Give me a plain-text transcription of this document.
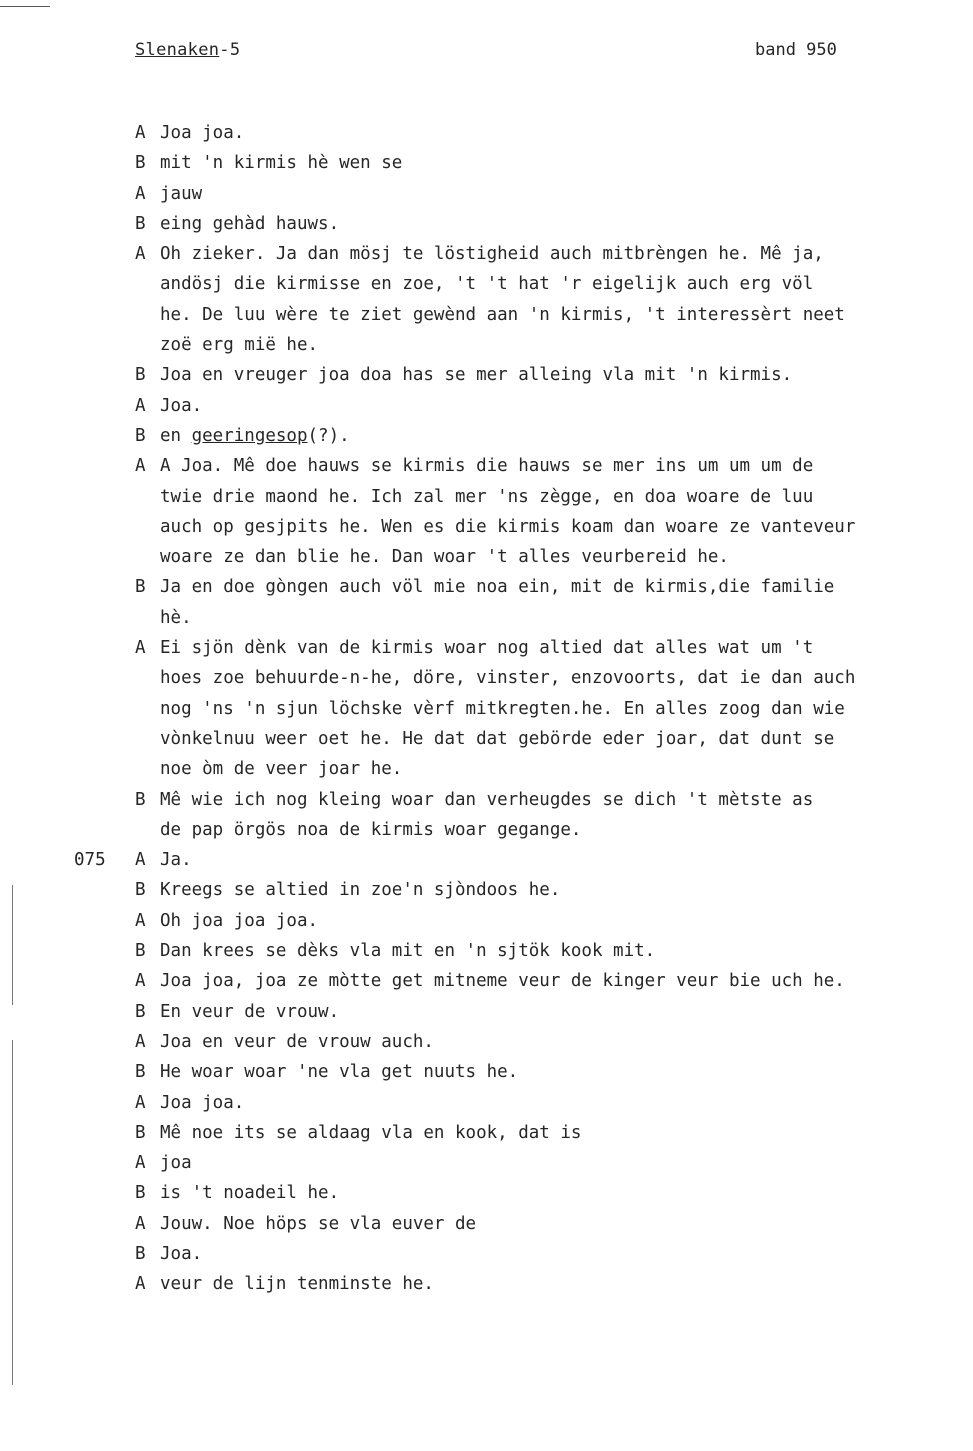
Slenaken-5	band 950

A

Joa joa.

B

mit 'n kirmis hè wen se

A

jauw

B

eing gehàd hauws.

A

Oh zieker. Ja dan mösj te löstigheid auch mitbrèngen he. Mê ja,

andösj die kirmisse en zoe, 't 't hat 'r eigelijk auch erg völ

he. De luu wère te ziet gewènd aan 'n kirmis, 't interessèrt neet

zoë erg mië he.

B

Joa en vreuger joa doa has se mer alleing vla mit 'n kirmis.

A

Joa.

B

en geeringesop(?).

A

A Joa. Mê doe hauws se kirmis die hauws se mer ins um um um de

twie drie maond he. Ich zal mer 'ns zègge, en doa woare de luu

auch op gesjpits he. Wen es die kirmis koam dan woare ze vanteveur

woare ze dan blie he. Dan woar 't alles veurbereid he.

B

Ja en doe gòngen auch völ mie noa ein, mit de kirmis,die familie

hè.

A

Ei sjön dènk van de kirmis woar nog altied dat alles wat um 't

hoes zoe behuurde-n-he, döre, vinster, enzovoorts, dat ie dan auch

nog 'ns 'n sjun löchske vèrf mitkregten.he. En alles zoog dan wie

vònkelnuu weer oet he. He dat dat gebörde eder joar, dat dunt se

noe òm de veer joar he.

B

Mê wie ich nog kleing woar dan verheugdes se dich 't mètste as

de pap örgös noa de kirmis woar gegange.

075

A

Ja.

B

Kreegs se altied in zoe'n sjòndoos he.

A

Oh joa joa joa.

B

Dan krees se dèks vla mit en 'n sjtök kook mit.

A

Joa joa, joa ze mòtte get mitneme veur de kinger veur bie uch he.

B

En veur de vrouw.

A

Joa en veur de vrouw auch.

B

He woar woar 'ne vla get nuuts he.

A

Joa joa.

B

Mê noe its se aldaag vla en kook, dat is

A

joa

B

is 't noadeil he.

A

Jouw. Noe höps se vla euver de

B

Joa.

A

veur de lijn tenminste he.
